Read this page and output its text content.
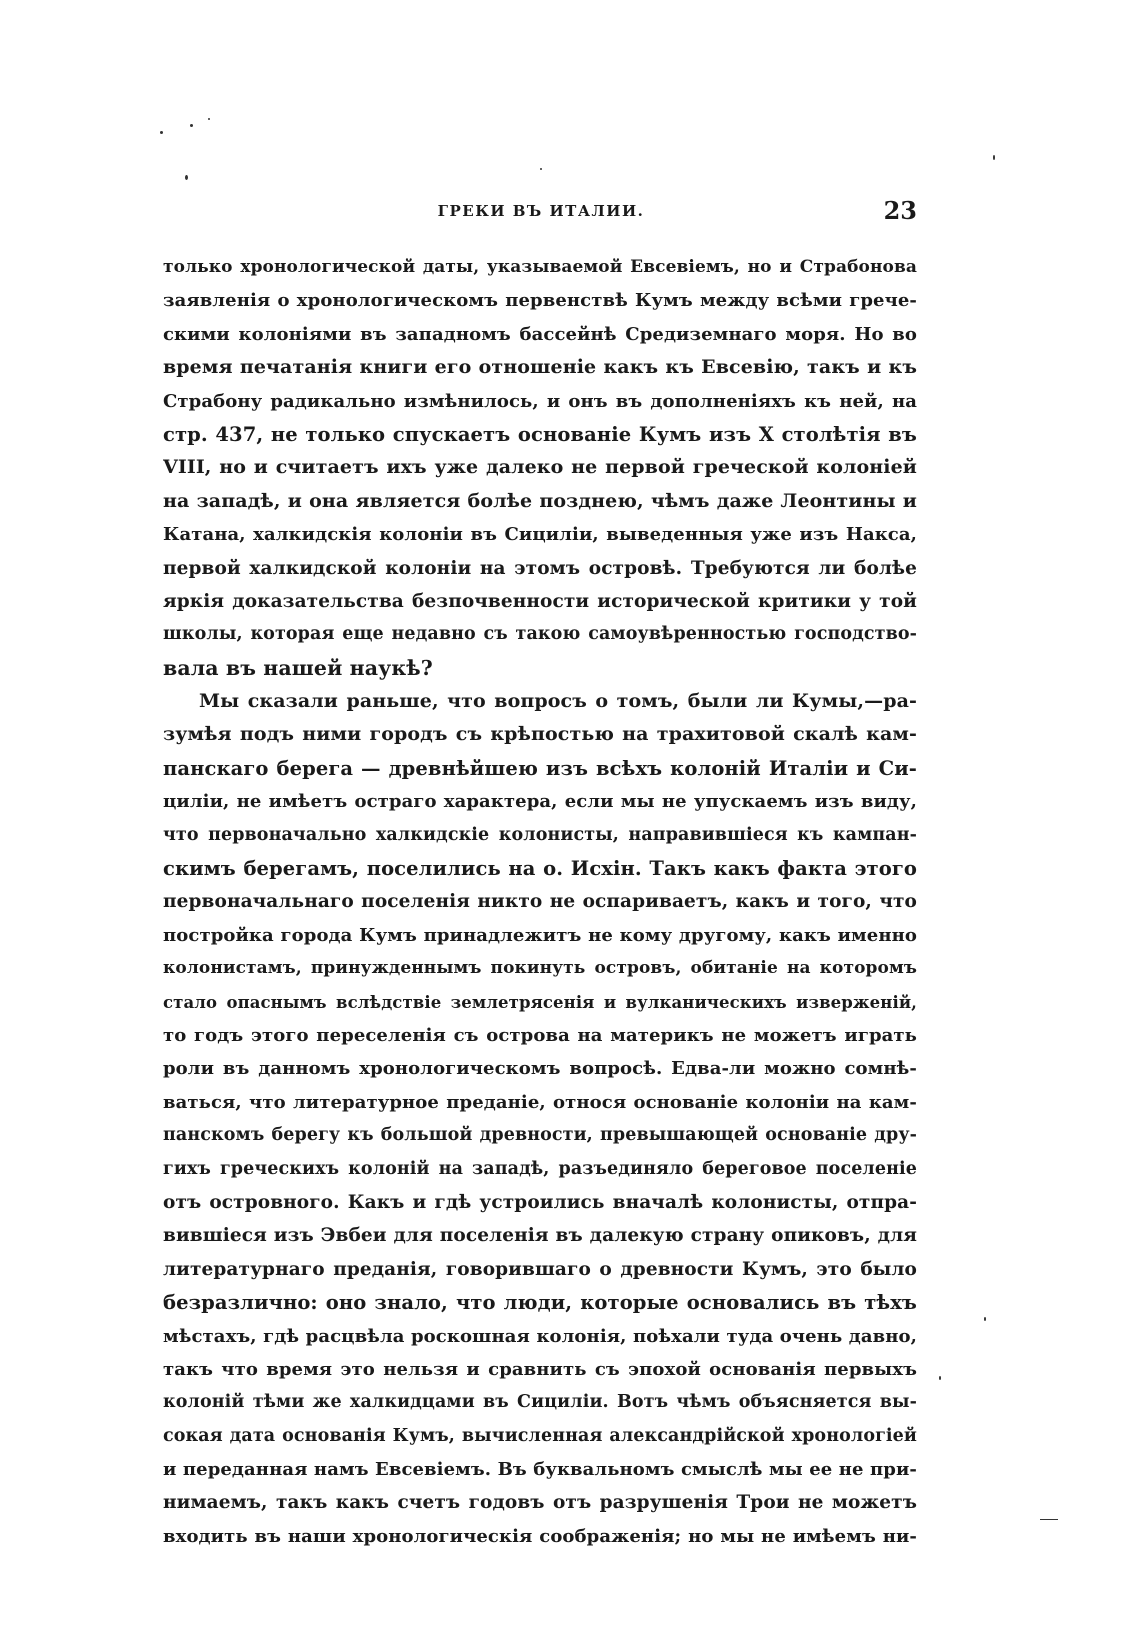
ГРЕКИ ВЪ ИТАЛИИ.	23
только хронологической даты, указываемой Евсевіемъ, но и Страбонова
заявленія о хронологическомъ первенствѣ Кумъ между всѣми грече-
скими колоніями въ западномъ бассейнѣ Средиземнаго моря. Но во
время печатанія книги его отношеніе какъ къ Евсевію, такъ и къ
Страбону радикально измѣнилось, и онъ въ дополненіяхъ къ ней, на
стр. 437, не только спускаетъ основаніе Кумъ изъ X столѣтія въ
VIII, но и считаетъ ихъ уже далеко не первой греческой колоніей
на западѣ, и она является болѣе позднею, чѣмъ даже Леонтины и
Катана, халкидскія колоніи въ Сициліи, выведенныя уже изъ Накса,
первой халкидской колоніи на этомъ островѣ. Требуются ли болѣе
яркія доказательства безпочвенности исторической критики у той
школы, которая еще недавно съ такою самоувѣренностью господство-
вала въ нашей наукѣ?
Мы сказали раньше, что вопросъ о томъ, были ли Кумы,—ра-
зумѣя подъ ними городъ съ крѣпостью на трахитовой скалѣ кам-
панскаго берега — древнѣйшею изъ всѣхъ колоній Италіи и Си-
циліи, не имѣетъ остраго характера, если мы не упускаемъ изъ виду,
что первоначально халкидскіе колонисты, направившіеся къ кампан-
скимъ берегамъ, поселились на о. Исхін. Такъ какъ факта этого
первоначальнаго поселенія никто не оспариваетъ, какъ и того, что
постройка города Кумъ принадлежитъ не кому другому, какъ именно
колонистамъ, принужденнымъ покинуть островъ, обитаніе на которомъ
стало опаснымъ вслѣдствіе землетрясенія и вулканическихъ изверженій,
то годъ этого переселенія съ острова на материкъ не можетъ играть
роли въ данномъ хронологическомъ вопросѣ. Едва-ли можно сомнѣ-
ваться, что литературное преданіе, относя основаніе колоніи на кам-
панскомъ берегу къ большой древности, превышающей основаніе дру-
гихъ греческихъ колоній на западѣ, разъединяло береговое поселеніе
отъ островного. Какъ и гдѣ устроились вначалѣ колонисты, отпра-
вившіеся изъ Эвбеи для поселенія въ далекую страну опиковъ, для
литературнаго преданія, говорившаго о древности Кумъ, это было
безразлично: оно знало, что люди, которые основались въ тѣхъ
мѣстахъ, гдѣ расцвѣла роскошная колонія, поѣхали туда очень давно,
такъ что время это нельзя и сравнить съ эпохой основанія первыхъ
колоній тѣми же халкидцами въ Сициліи. Вотъ чѣмъ объясняется вы-
сокая дата основанія Кумъ, вычисленная александрійской хронологіей
и переданная намъ Евсевіемъ. Въ буквальномъ смыслѣ мы ее не при-
нимаемъ, такъ какъ счетъ годовъ отъ разрушенія Трои не можетъ
входить въ наши хронологическія соображенія; но мы не имѣемъ ни-
